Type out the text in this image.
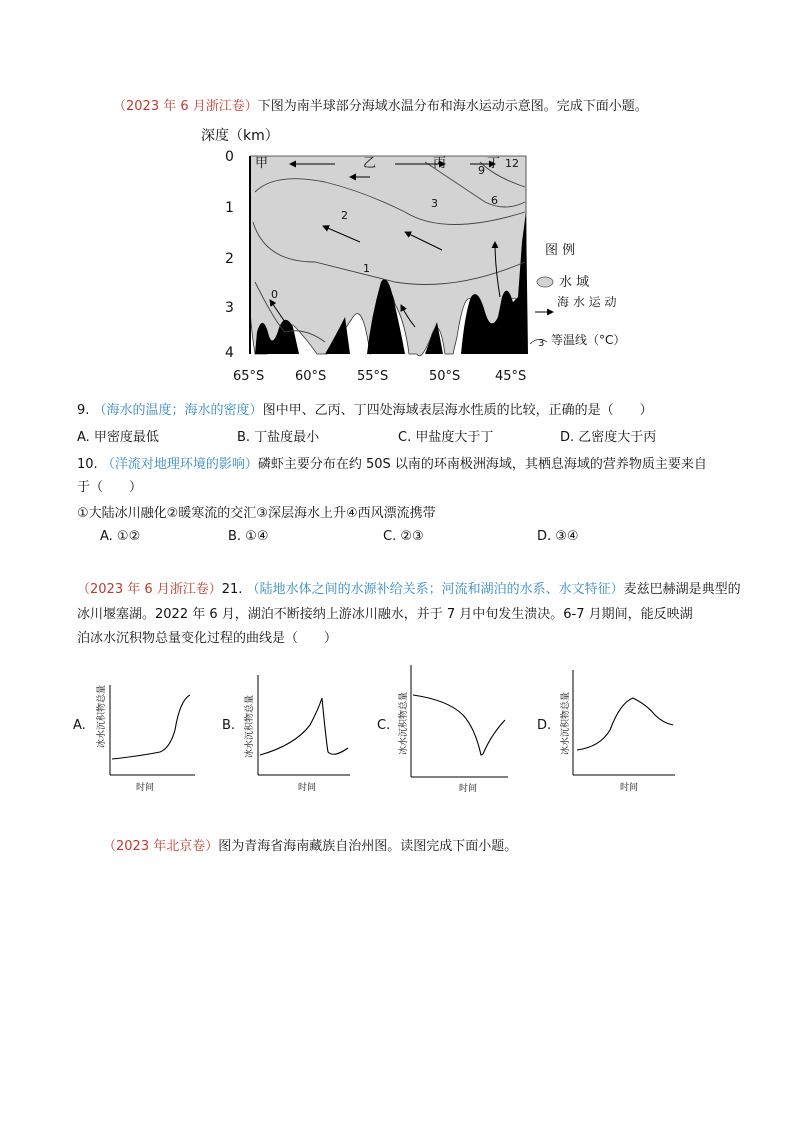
（2023 年 6 月浙江卷）下图为南半球部分海域水温分布和海水运动示意图。完成下面小题。
深度（km）
0
1
2
3
4
65°S 60°S 55°S	50°S	45°S
甲	乙	丙	丁
0
1
2
3	6
9
12
图 例
水 域
海 水 运 动
3 等温线（°C）
9. （海水的温度；海水的密度）图中甲、乙丙、丁四处海域表层海水性质的比较，正确的是（　　）
A. 甲密度最低	B. 丁盐度最小	C. 甲盐度大于丁	D. 乙密度大于丙
10. （洋流对地理环境的影响）磷虾主要分布在约 50S 以南的环南极洲海域，其栖息海域的营养物质主要来自
于（　　）
①大陆冰川融化②暖寒流的交汇③深层海水上升④西风漂流携带
A. ①②	B. ①④	C. ②③	D. ③④
（2023 年 6 月浙江卷）21. （陆地水体之间的水源补给关系；河流和湖泊的水系、水文特征）麦兹巴赫湖是典型的
冰川堰塞湖。2022 年 6 月，湖泊不断接纳上游冰川融水，并于 7 月中旬发生溃决。6-7 月期间，能反映湖
泊冰水沉积物总量变化过程的曲线是（　　）
A. 冰水沉积物总量
时间
B. 冰水沉积物总量
时间
C. 冰水沉积物总量
时间
D. 冰水沉积物总量
时间
（2023 年北京卷）图为青海省海南藏族自治州图。读图完成下面小题。
